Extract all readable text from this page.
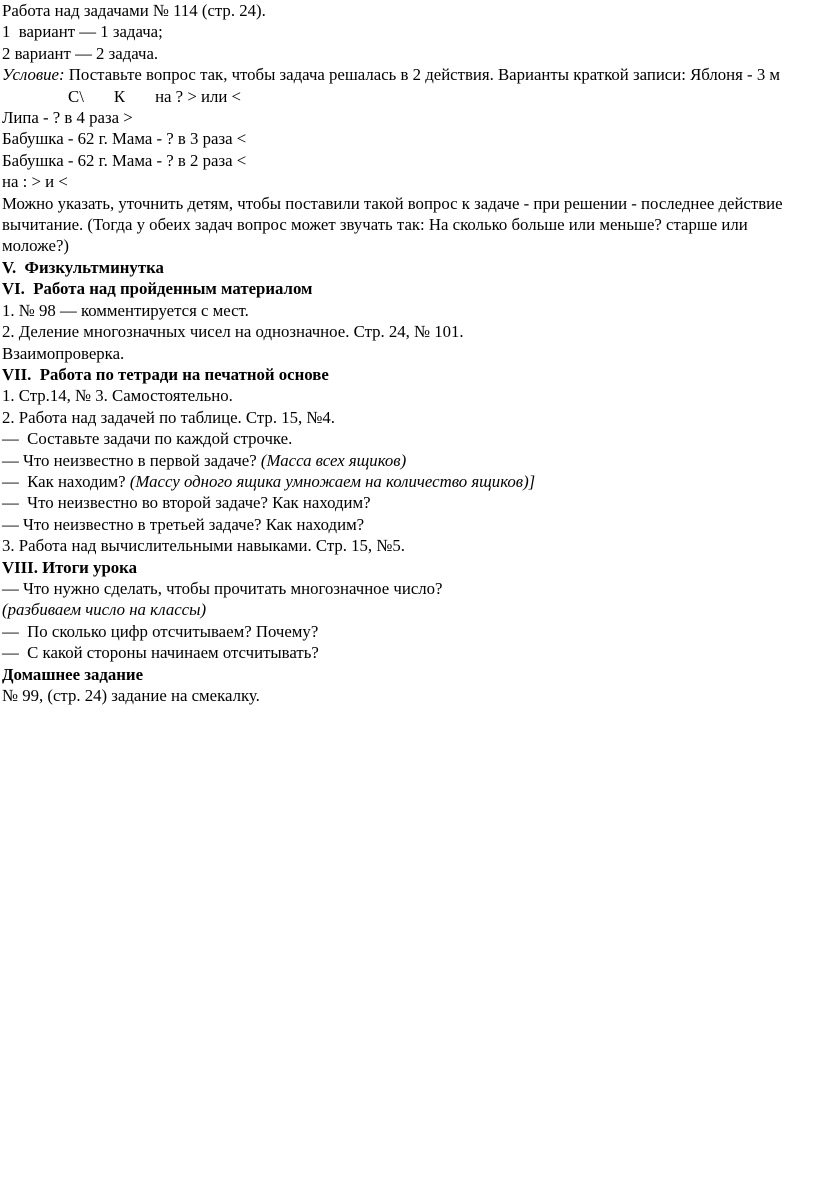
Работа над задачами № 114 (стр. 24).

1  вариант — 1 задача;

2 вариант — 2 задача.

Условие: Поставьте вопрос так, чтобы задача решалась в 2 действия. Варианты краткой записи: Яблоня - 3 мС\ К на ? > или <

Липа - ? в 4 раза >

Бабушка - 62 г. Мама - ? в 3 раза <

Бабушка - 62 г. Мама - ? в 2 раза <

на : > и <

Можно указать, уточнить детям, чтобы поставили такой вопрос к задаче - при решении - последнее действие вычитание. (Тогда у обеих задач вопрос может звучать так: На сколько больше или меньше? старше или моложе?)

V.  Физкультминутка

VI.  Работа над пройденным материалом

1. № 98 — комментируется с мест.

2. Деление многозначных чисел на однозначное. Стр. 24, № 101.

Взаимопроверка.

VII.  Работа по тетради на печатной основе

1. Стр.14, № 3. Самостоятельно.

2. Работа над задачей по таблице. Стр. 15, №4.

—  Составьте задачи по каждой строчке.

— Что неизвестно в первой задаче? (Масса всех ящиков)

—  Как находим? (Массу одного ящика умножаем на количество ящиков)]

—  Что неизвестно во второй задаче? Как находим?

— Что неизвестно в третьей задаче? Как находим?

3. Работа над вычислительными навыками. Стр. 15, №5.

VIII. Итоги урока

— Что нужно сделать, чтобы прочитать многозначное число?

(разбиваем число на классы)

—  По сколько цифр отсчитываем? Почему?

—  С какой стороны начинаем отсчитывать?

Домашнее задание

№ 99, (стр. 24) задание на смекалку.
